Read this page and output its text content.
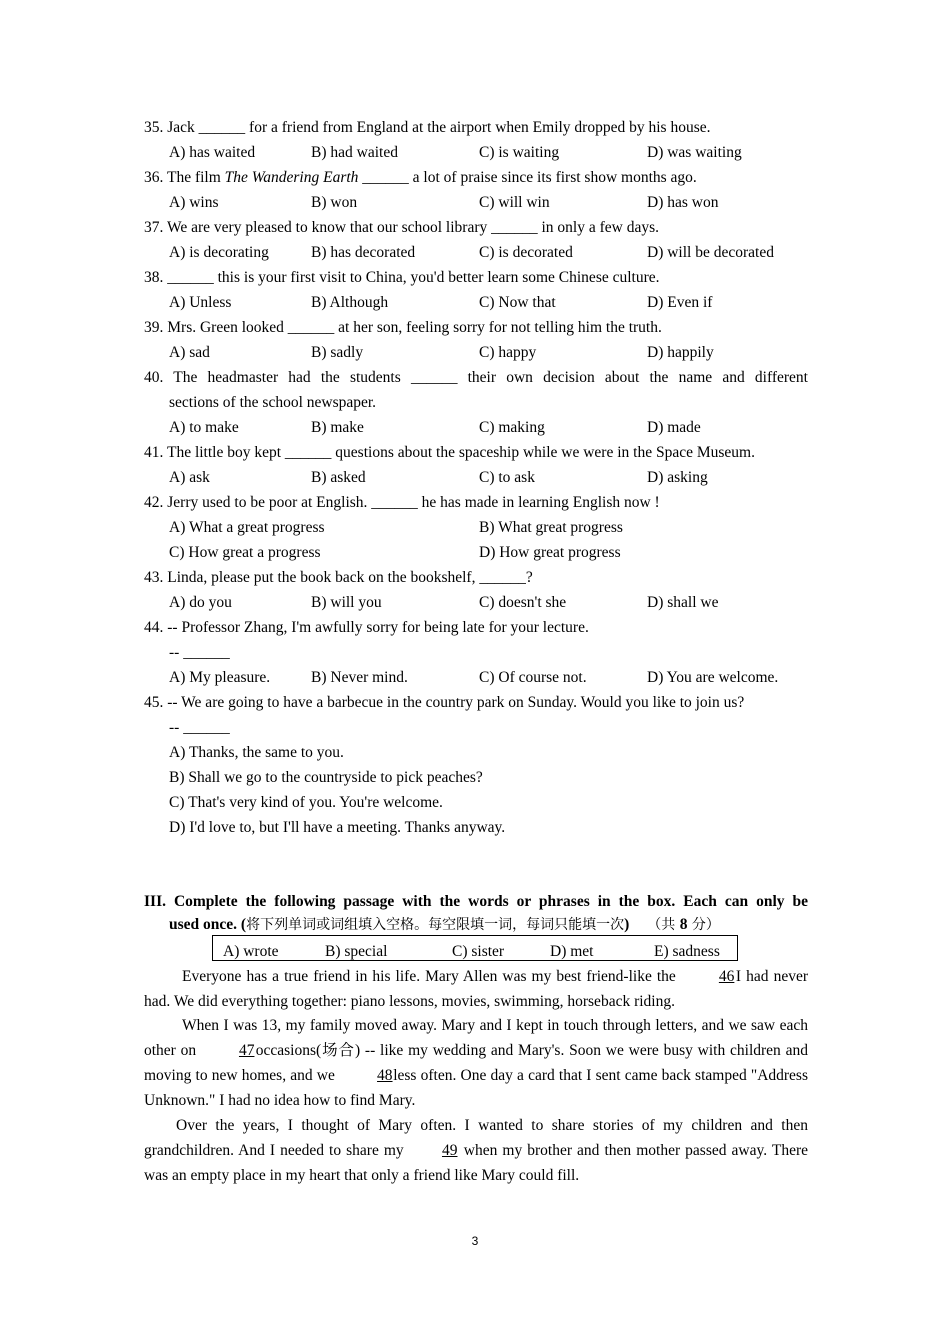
35. Jack ______ for a friend from England at the airport when Emily dropped by his house.
A) has waited	B) had waited	C) is waiting	D) was waiting
36. The film The Wandering Earth ______ a lot of praise since its first show months ago.
A) wins	B) won	C) will win	D) has won
37. We are very pleased to know that our school library ______ in only a few days.
A) is decorating	B) has decorated	C) is decorated	D) will be decorated
38. ______ this is your first visit to China, you'd better learn some Chinese culture.
A) Unless	B) Although	C) Now that	D) Even if
39. Mrs. Green looked ______ at her son, feeling sorry for not telling him the truth.
A) sad	B) sadly	C) happy	D) happily
40. The headmaster had the students ______ their own decision about the name and different
sections of the school newspaper.
A) to make	B) make	C) making	D) made
41. The little boy kept ______ questions about the spaceship while we were in the Space Museum.
A) ask	B) asked	C) to ask	D) asking
42. Jerry used to be poor at English. ______ he has made in learning English now !
A) What a great progress	B) What great progress
C) How great a progress	D) How great progress
43. Linda, please put the book back on the bookshelf, ______?
A) do you	B) will you	C) doesn't she	D) shall we
44. -- Professor Zhang, I'm awfully sorry for being late for your lecture.
-- ______
A) My pleasure.	B) Never mind.	C) Of course not.	D) You are welcome.
45. -- We are going to have a barbecue in the country park on Sunday. Would you like to join us?
-- ______
A) Thanks, the same to you.
B) Shall we go to the countryside to pick peaches?
C) That's very kind of you. You're welcome.
D) I'd love to, but I'll have a meeting. Thanks anyway.
III. Complete the following passage with the words or phrases in the box. Each can only be
used once. (将下列单词或词组填入空格。每空限填一词，每词只能填一次) （共 8 分）
A) wrote	B) special	C) sister	D) met	E) sadness
Everyone has a true friend in his life. Mary Allen was my best friend-like the 46 I had never had. We did everything together: piano lessons, movies, swimming, horseback riding.
When I was 13, my family moved away. Mary and I kept in touch through letters, and we saw each other on 47 occasions(场合) -- like my wedding and Mary's. Soon we were busy with children and moving to new homes, and we 48 less often. One day a card that I sent came back stamped "Address Unknown." I had no idea how to find Mary.
Over the years, I thought of Mary often. I wanted to share stories of my children and then grandchildren. And I needed to share my 49 when my brother and then mother passed away. There was an empty place in my heart that only a friend like Mary could fill.
3
